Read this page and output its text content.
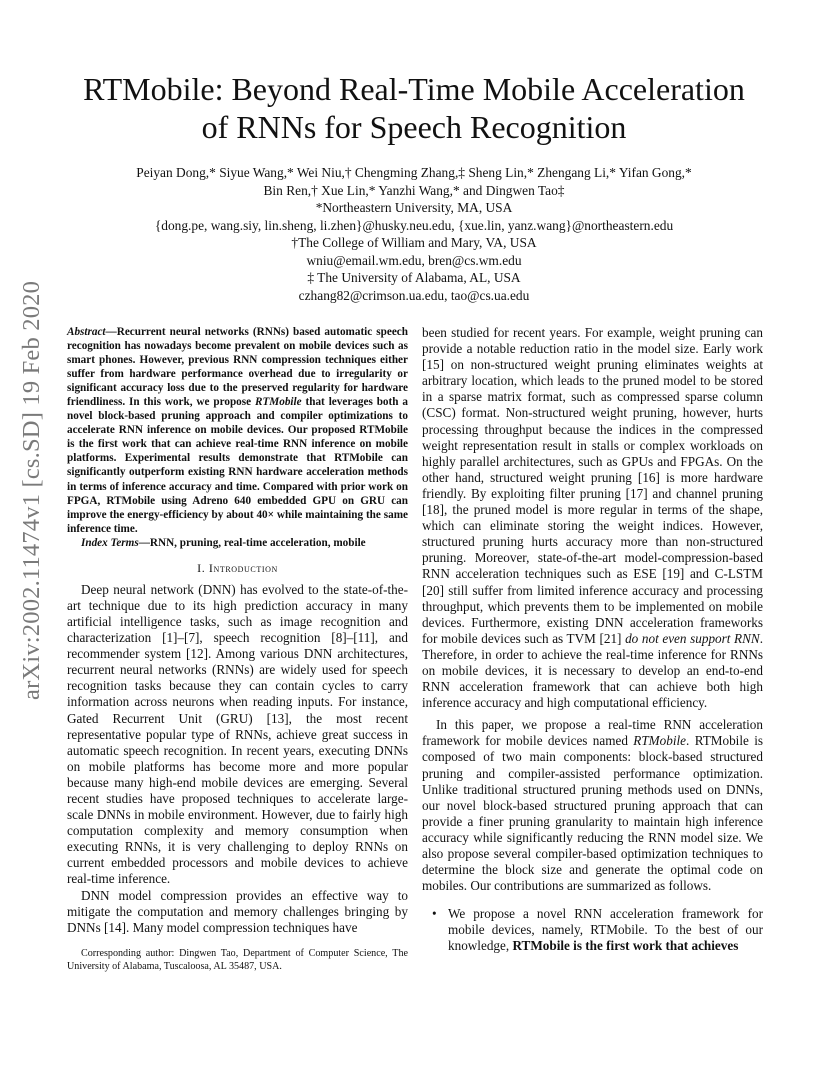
arXiv:2002.11474v1 [cs.SD] 19 Feb 2020
RTMobile: Beyond Real-Time Mobile Acceleration
of RNNs for Speech Recognition
Peiyan Dong,* Siyue Wang,* Wei Niu,† Chengming Zhang,‡ Sheng Lin,* Zhengang Li,* Yifan Gong,*
Bin Ren,† Xue Lin,* Yanzhi Wang,* and Dingwen Tao‡
*Northeastern University, MA, USA
{dong.pe, wang.siy, lin.sheng, li.zhen}@husky.neu.edu, {xue.lin, yanz.wang}@northeastern.edu
†The College of William and Mary, VA, USA
wniu@email.wm.edu, bren@cs.wm.edu
‡ The University of Alabama, AL, USA
czhang82@crimson.ua.edu, tao@cs.ua.edu

Abstract—Recurrent neural networks (RNNs) based automatic speech recognition has nowadays become prevalent on mobile devices such as smart phones. However, previous RNN compression techniques either suffer from hardware performance overhead due to irregularity or significant accuracy loss due to the preserved regularity for hardware friendliness. In this work, we propose RTMobile that leverages both a novel block-based pruning approach and compiler optimizations to accelerate RNN inference on mobile devices. Our proposed RTMobile is the first work that can achieve real-time RNN inference on mobile platforms. Experimental results demonstrate that RTMobile can significantly outperform existing RNN hardware acceleration methods in terms of inference accuracy and time. Compared with prior work on FPGA, RTMobile using Adreno 640 embedded GPU on GRU can improve the energy-efficiency by about 40× while maintaining the same inference time.

Index Terms—RNN, pruning, real-time acceleration, mobile

I. Introduction

Deep neural network (DNN) has evolved to the state-of-the-art technique due to its high prediction accuracy in many artificial intelligence tasks, such as image recognition and characterization [1]–[7], speech recognition [8]–[11], and recommender system [12]. Among various DNN architectures, recurrent neural networks (RNNs) are widely used for speech recognition tasks because they can contain cycles to carry information across neurons when reading inputs. For instance, Gated Recurrent Unit (GRU) [13], the most recent representative popular type of RNNs, achieve great success in automatic speech recognition. In recent years, executing DNNs on mobile platforms has become more and more popular because many high-end mobile devices are emerging. Several recent studies have proposed techniques to accelerate large-scale DNNs in mobile environment. However, due to fairly high computation complexity and memory consumption when executing RNNs, it is very challenging to deploy RNNs on current embedded processors and mobile devices to achieve real-time inference.

DNN model compression provides an effective way to mitigate the computation and memory challenges bringing by DNNs [14]. Many model compression techniques have

Corresponding author: Dingwen Tao, Department of Computer Science, The University of Alabama, Tuscaloosa, AL 35487, USA.

been studied for recent years. For example, weight pruning can provide a notable reduction ratio in the model size. Early work [15] on non-structured weight pruning eliminates weights at arbitrary location, which leads to the pruned model to be stored in a sparse matrix format, such as compressed sparse column (CSC) format. Non-structured weight pruning, however, hurts processing throughput because the indices in the compressed weight representation result in stalls or complex workloads on highly parallel architectures, such as GPUs and FPGAs. On the other hand, structured weight pruning [16] is more hardware friendly. By exploiting filter pruning [17] and channel pruning [18], the pruned model is more regular in terms of the shape, which can eliminate storing the weight indices. However, structured pruning hurts accuracy more than non-structured pruning. Moreover, state-of-the-art model-compression-based RNN acceleration techniques such as ESE [19] and C-LSTM [20] still suffer from limited inference accuracy and processing throughput, which prevents them to be implemented on mobile devices. Furthermore, existing DNN acceleration frameworks for mobile devices such as TVM [21] do not even support RNN. Therefore, in order to achieve the real-time inference for RNNs on mobile devices, it is necessary to develop an end-to-end RNN acceleration framework that can achieve both high inference accuracy and high computational efficiency.

In this paper, we propose a real-time RNN acceleration framework for mobile devices named RTMobile. RTMobile is composed of two main components: block-based structured pruning and compiler-assisted performance optimization. Unlike traditional structured pruning methods used on DNNs, our novel block-based structured pruning approach that can provide a finer pruning granularity to maintain high inference accuracy while significantly reducing the RNN model size. We also propose several compiler-based optimization techniques to determine the block size and generate the optimal code on mobiles. Our contributions are summarized as follows.

• We propose a novel RNN acceleration framework for mobile devices, namely, RTMobile. To the best of our knowledge, RTMobile is the first work that achieves
